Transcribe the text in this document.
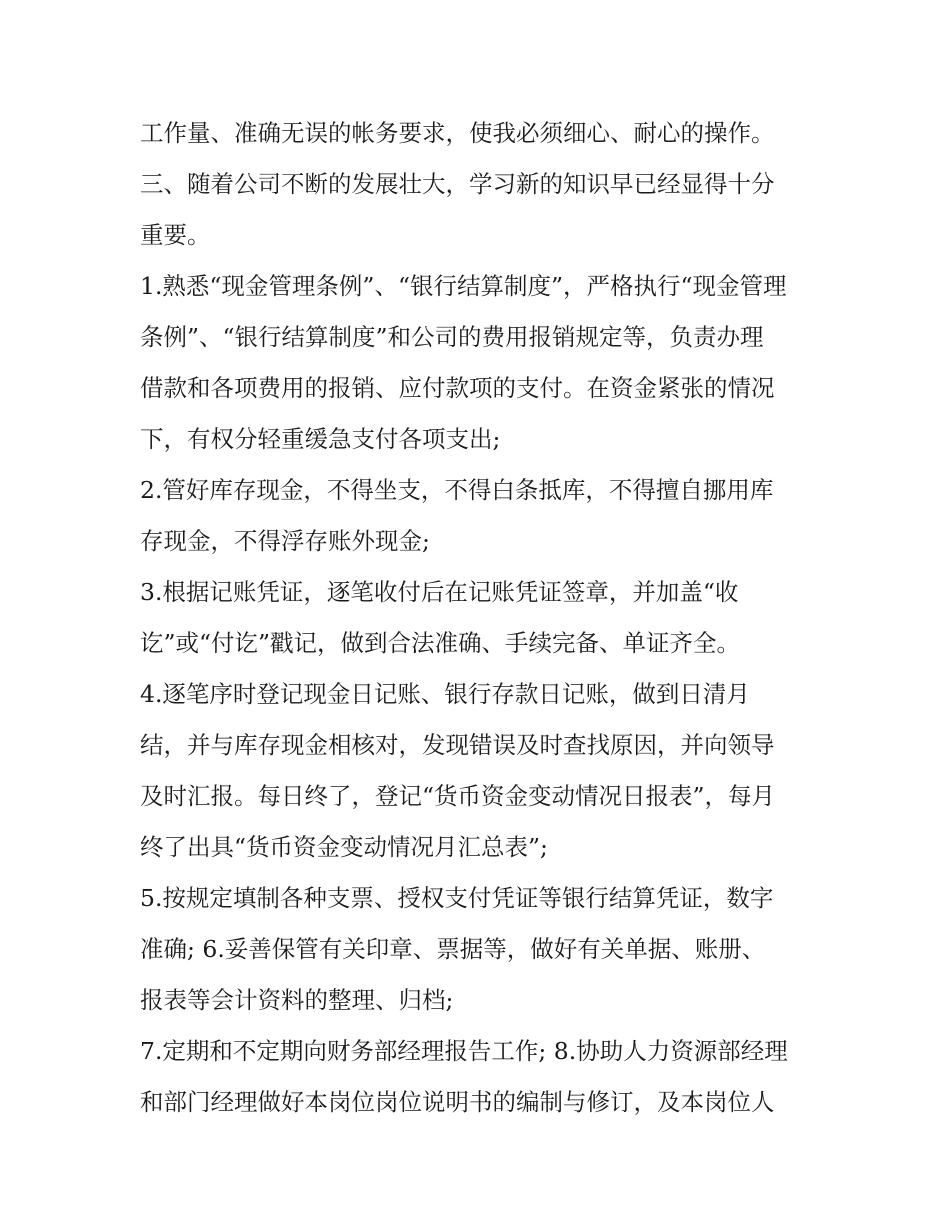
工作量、准确无误的帐务要求，使我必须细心、耐心的操作。
三、随着公司不断的发展壮大，学习新的知识早已经显得十分
重要。
1.熟悉“现金管理条例”、“银行结算制度”，严格执行“现金管理
条例”、“银行结算制度”和公司的费用报销规定等，负责办理
借款和各项费用的报销、应付款项的支付。在资金紧张的情况
下，有权分轻重缓急支付各项支出;
2.管好库存现金，不得坐支，不得白条抵库，不得擅自挪用库
存现金，不得浮存账外现金;
3.根据记账凭证，逐笔收付后在记账凭证签章，并加盖“收
讫”或“付讫”戳记，做到合法准确、手续完备、单证齐全。
4.逐笔序时登记现金日记账、银行存款日记账，做到日清月
结，并与库存现金相核对，发现错误及时查找原因，并向领导
及时汇报。每日终了，登记“货币资金变动情况日报表”，每月
终了出具“货币资金变动情况月汇总表”;
5.按规定填制各种支票、授权支付凭证等银行结算凭证，数字
准确; 6.妥善保管有关印章、票据等，做好有关单据、账册、
报表等会计资料的整理、归档;
7.定期和不定期向财务部经理报告工作; 8.协助人力资源部经理
和部门经理做好本岗位岗位说明书的编制与修订，及本岗位人
